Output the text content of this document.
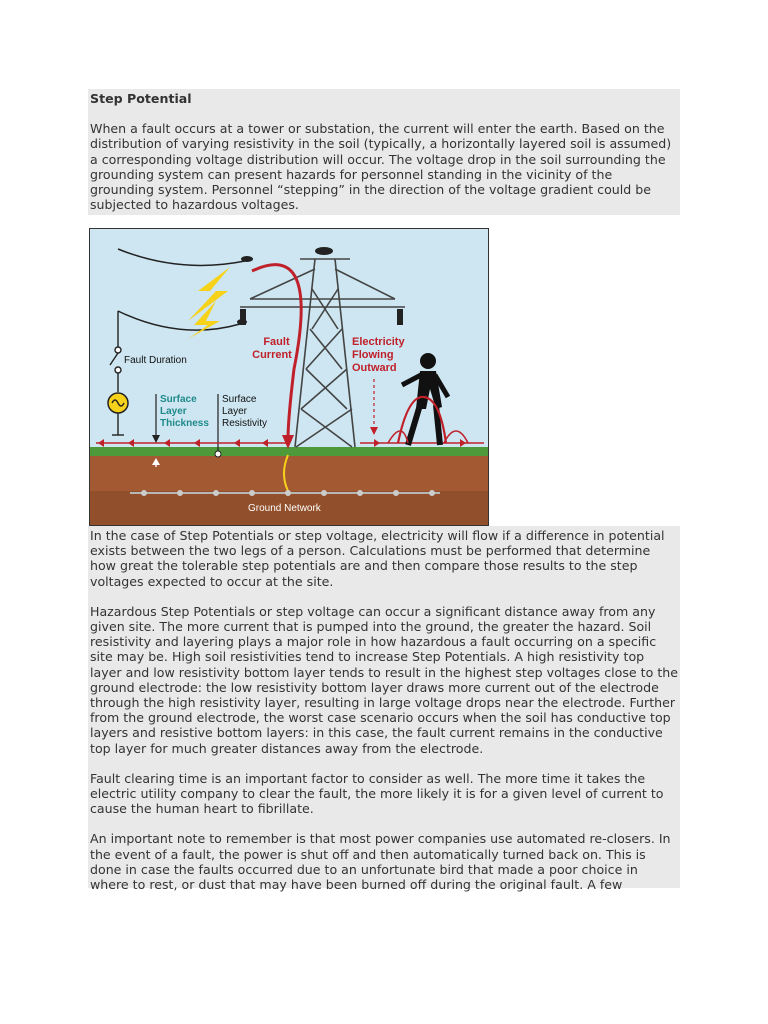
Step Potential
When a fault occurs at a tower or substation, the current will enter the earth. Based on the distribution of varying resistivity in the soil (typically, a horizontally layered soil is assumed) a corresponding voltage distribution will occur. The voltage drop in the soil surrounding the grounding system can present hazards for personnel standing in the vicinity of the grounding system. Personnel “stepping” in the direction of the voltage gradient could be subjected to hazardous voltages.
Fault Duration
Surface Layer Thickness
Surface Layer Resistivity
Fault Current
Electricity Flowing Outward
Ground Network
In the case of Step Potentials or step voltage, electricity will flow if a difference in potential exists between the two legs of a person. Calculations must be performed that determine how great the tolerable step potentials are and then compare those results to the step voltages expected to occur at the site.
Hazardous Step Potentials or step voltage can occur a significant distance away from any given site. The more current that is pumped into the ground, the greater the hazard. Soil resistivity and layering plays a major role in how hazardous a fault occurring on a specific site may be. High soil resistivities tend to increase Step Potentials. A high resistivity top layer and low resistivity bottom layer tends to result in the highest step voltages close to the ground electrode: the low resistivity bottom layer draws more current out of the electrode through the high resistivity layer, resulting in large voltage drops near the electrode. Further from the ground electrode, the worst case scenario occurs when the soil has conductive top layers and resistive bottom layers: in this case, the fault current remains in the conductive top layer for much greater distances away from the electrode.
Fault clearing time is an important factor to consider as well. The more time it takes the electric utility company to clear the fault, the more likely it is for a given level of current to cause the human heart to fibrillate.
An important note to remember is that most power companies use automated re-closers. In the event of a fault, the power is shut off and then automatically turned back on. This is done in case the faults occurred due to an unfortunate bird that made a poor choice in where to rest, or dust that may have been burned off during the original fault. A few
